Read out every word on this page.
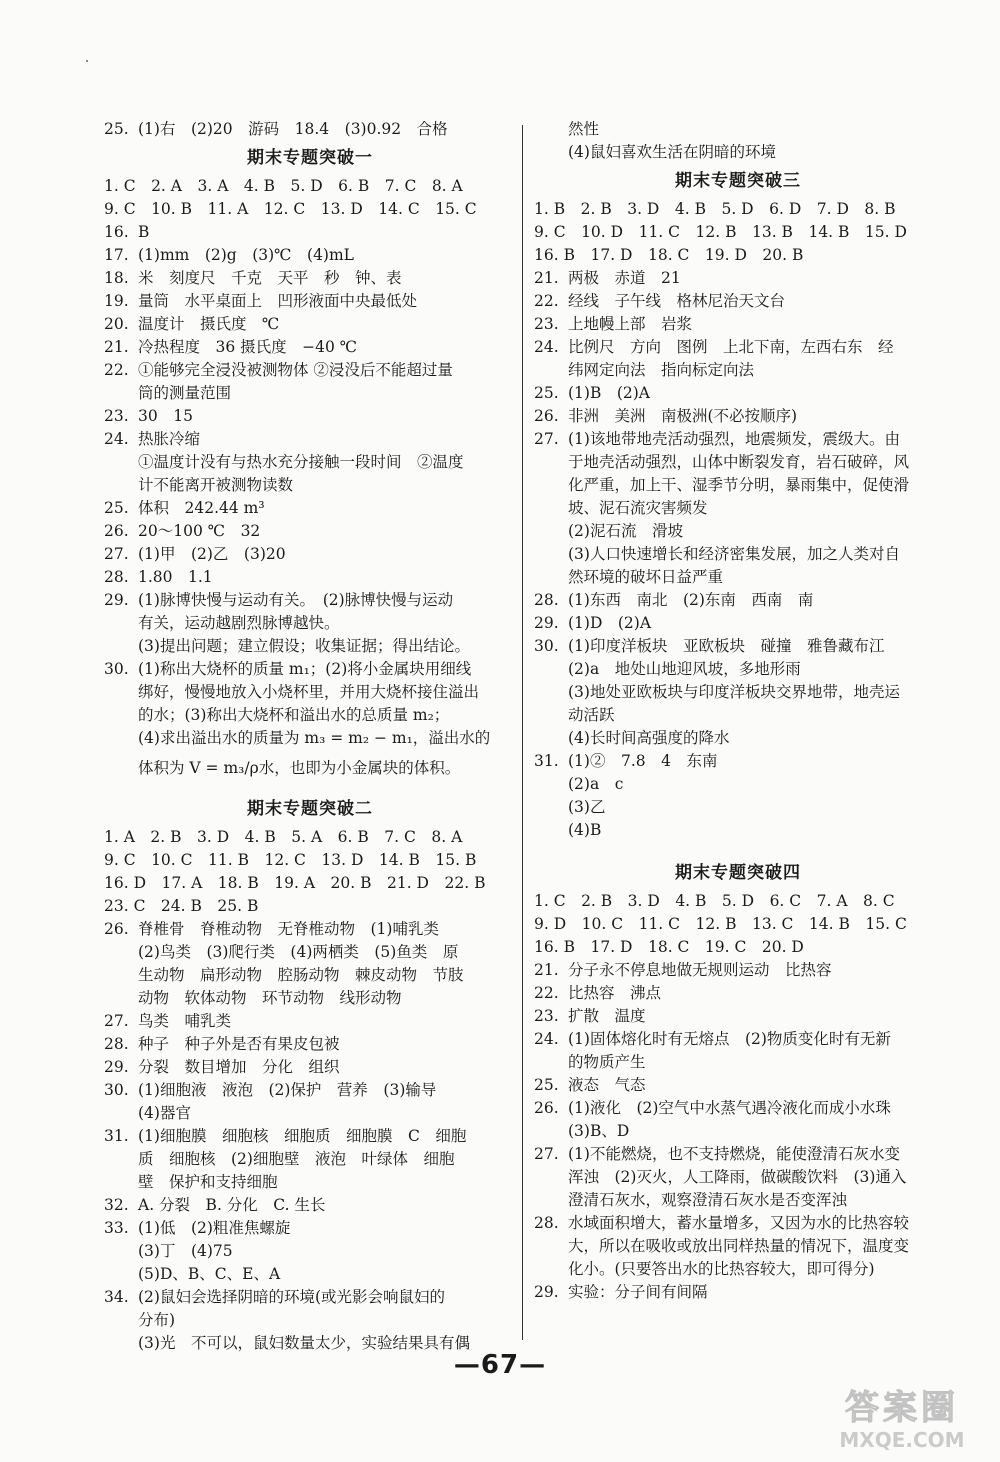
25. (1)右　(2)20　游码　18.4　(3)0.92　合格
期末专题突破一
1. C　2. A　3. A　4. B　5. D　6. B　7. C　8. A
9. C　10. B　11. A　12. C　13. D　14. C　15. C
16. B
17. (1)mm　(2)g　(3)℃　(4)mL
18. 米　刻度尺　千克　天平　秒　钟、表
19. 量筒　水平桌面上　凹形液面中央最低处
20. 温度计　摄氏度　℃
21. 冷热程度　36 摄氏度　−40 ℃
22. ①能够完全浸没被测物体 ②浸没后不能超过量
筒的测量范围
23. 30　15
24. 热胀冷缩
①温度计没有与热水充分接触一段时间　②温度
计不能离开被测物读数
25. 体积　242.44 m³
26. 20～100 ℃　32
27. (1)甲　(2)乙　(3)20
28. 1.80　1.1
29. (1)脉博快慢与运动有关。　(2)脉博快慢与运动
有关，运动越剧烈脉博越快。
(3)提出问题；建立假设；收集证据；得出结论。
30. (1)称出大烧杯的质量 m₁；(2)将小金属块用细线
绑好，慢慢地放入小烧杯里，并用大烧杯接住溢出
的水；(3)称出大烧杯和溢出水的总质量 m₂；
(4)求出溢出水的质量为 m₃ = m₂ − m₁，溢出水的
体积为 V = m₃/ρ水，也即为小金属块的体积。
期末专题突破二
1. A　2. B　3. D　4. B　5. A　6. B　7. C　8. A
9. C　10. C　11. B　12. C　13. D　14. B　15. B
16. D　17. A　18. B　19. A　20. B　21. D　22. B
23. C　24. B　25. B
26. 脊椎骨　脊椎动物　无脊椎动物　(1)哺乳类
(2)鸟类　(3)爬行类　(4)两栖类　(5)鱼类　原
生动物　扁形动物　腔肠动物　棘皮动物　节肢
动物　软体动物　环节动物　线形动物
27. 鸟类　哺乳类
28. 种子　种子外是否有果皮包被
29. 分裂　数目增加　分化　组织
30. (1)细胞液　液泡　(2)保护　营养　(3)输导
(4)器官
31. (1)细胞膜　细胞核　细胞质　细胞膜　C　细胞
质　细胞核　(2)细胞壁　液泡　叶绿体　细胞
壁　保护和支持细胞
32. A. 分裂　B. 分化　C. 生长
33. (1)低　(2)粗准焦螺旋
(3)丁　(4)75
(5)D、B、C、E、A
34. (2)鼠妇会选择阴暗的环境(或光影会响鼠妇的
分布)
(3)光　不可以，鼠妇数量太少，实验结果具有偶
然性
(4)鼠妇喜欢生活在阴暗的环境
期末专题突破三
1. B　2. B　3. D　4. B　5. D　6. D　7. D　8. B
9. C　10. D　11. C　12. B　13. B　14. B　15. D
16. B　17. D　18. C　19. D　20. B
21. 两极　赤道　21
22. 经线　子午线　格林尼治天文台
23. 上地幔上部　岩浆
24. 比例尺　方向　图例　上北下南，左西右东　经
纬网定向法　指向标定向法
25. (1)B　(2)A
26. 非洲　美洲　南极洲(不必按顺序)
27. (1)该地带地壳活动强烈，地震频发，震级大。由
于地壳活动强烈，山体中断裂发育，岩石破碎，风
化严重，加上干、湿季节分明，暴雨集中，促使滑
坡、泥石流灾害频发
(2)泥石流　滑坡
(3)人口快速增长和经济密集发展，加之人类对自
然环境的破坏日益严重
28. (1)东西　南北　(2)东南　西南　南
29. (1)D　(2)A
30. (1)印度洋板块　亚欧板块　碰撞　雅鲁藏布江
(2)a　地处山地迎风坡，多地形雨
(3)地处亚欧板块与印度洋板块交界地带，地壳运
动活跃
(4)长时间高强度的降水
31. (1)②　7.8　4　东南
(2)a　c
(3)乙
(4)B
期末专题突破四
1. C　2. B　3. D　4. B　5. D　6. C　7. A　8. C
9. D　10. C　11. C　12. B　13. C　14. B　15. C
16. B　17. D　18. C　19. C　20. D
21. 分子永不停息地做无规则运动　比热容
22. 比热容　沸点
23. 扩散　温度
24. (1)固体熔化时有无熔点　(2)物质变化时有无新
的物质产生
25. 液态　气态
26. (1)液化　(2)空气中水蒸气遇冷液化而成小水珠
(3)B、D
27. (1)不能燃烧，也不支持燃烧，能使澄清石灰水变
浑浊　(2)灭火，人工降雨，做碳酸饮料　(3)通入
澄清石灰水，观察澄清石灰水是否变浑浊
28. 水域面积增大，蓄水量增多，又因为水的比热容较
大，所以在吸收或放出同样热量的情况下，温度变
化小。(只要答出水的比热容较大，即可得分)
29. 实验：分子间有间隔
—67—
答案圈
MXQE.COM
